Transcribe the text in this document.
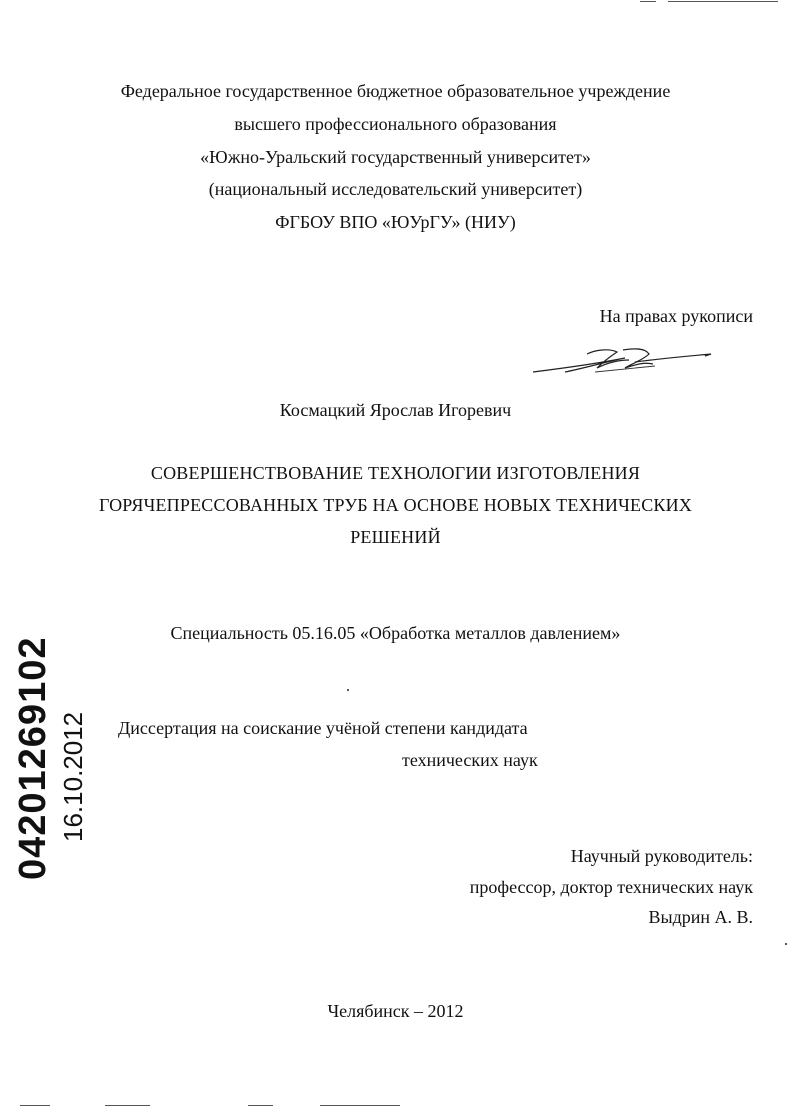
Федеральное государственное бюджетное образовательное учреждение
высшего профессионального образования
«Южно-Уральский государственный университет»
(национальный исследовательский университет)
ФГБОУ ВПО «ЮУрГУ» (НИУ)
На правах рукописи
Космацкий Ярослав Игоревич
СОВЕРШЕНСТВОВАНИЕ ТЕХНОЛОГИИ ИЗГОТОВЛЕНИЯ
ГОРЯЧЕПРЕССОВАННЫХ ТРУБ НА ОСНОВЕ НОВЫХ ТЕХНИЧЕСКИХ
РЕШЕНИЙ
Специальность 05.16.05 «Обработка металлов давлением»
Диссертация на соискание учёной степени кандидата
технических наук
04201269102 16.10.2012
Научный руководитель:
профессор, доктор технических наук
Выдрин А. В.
Челябинск – 2012
